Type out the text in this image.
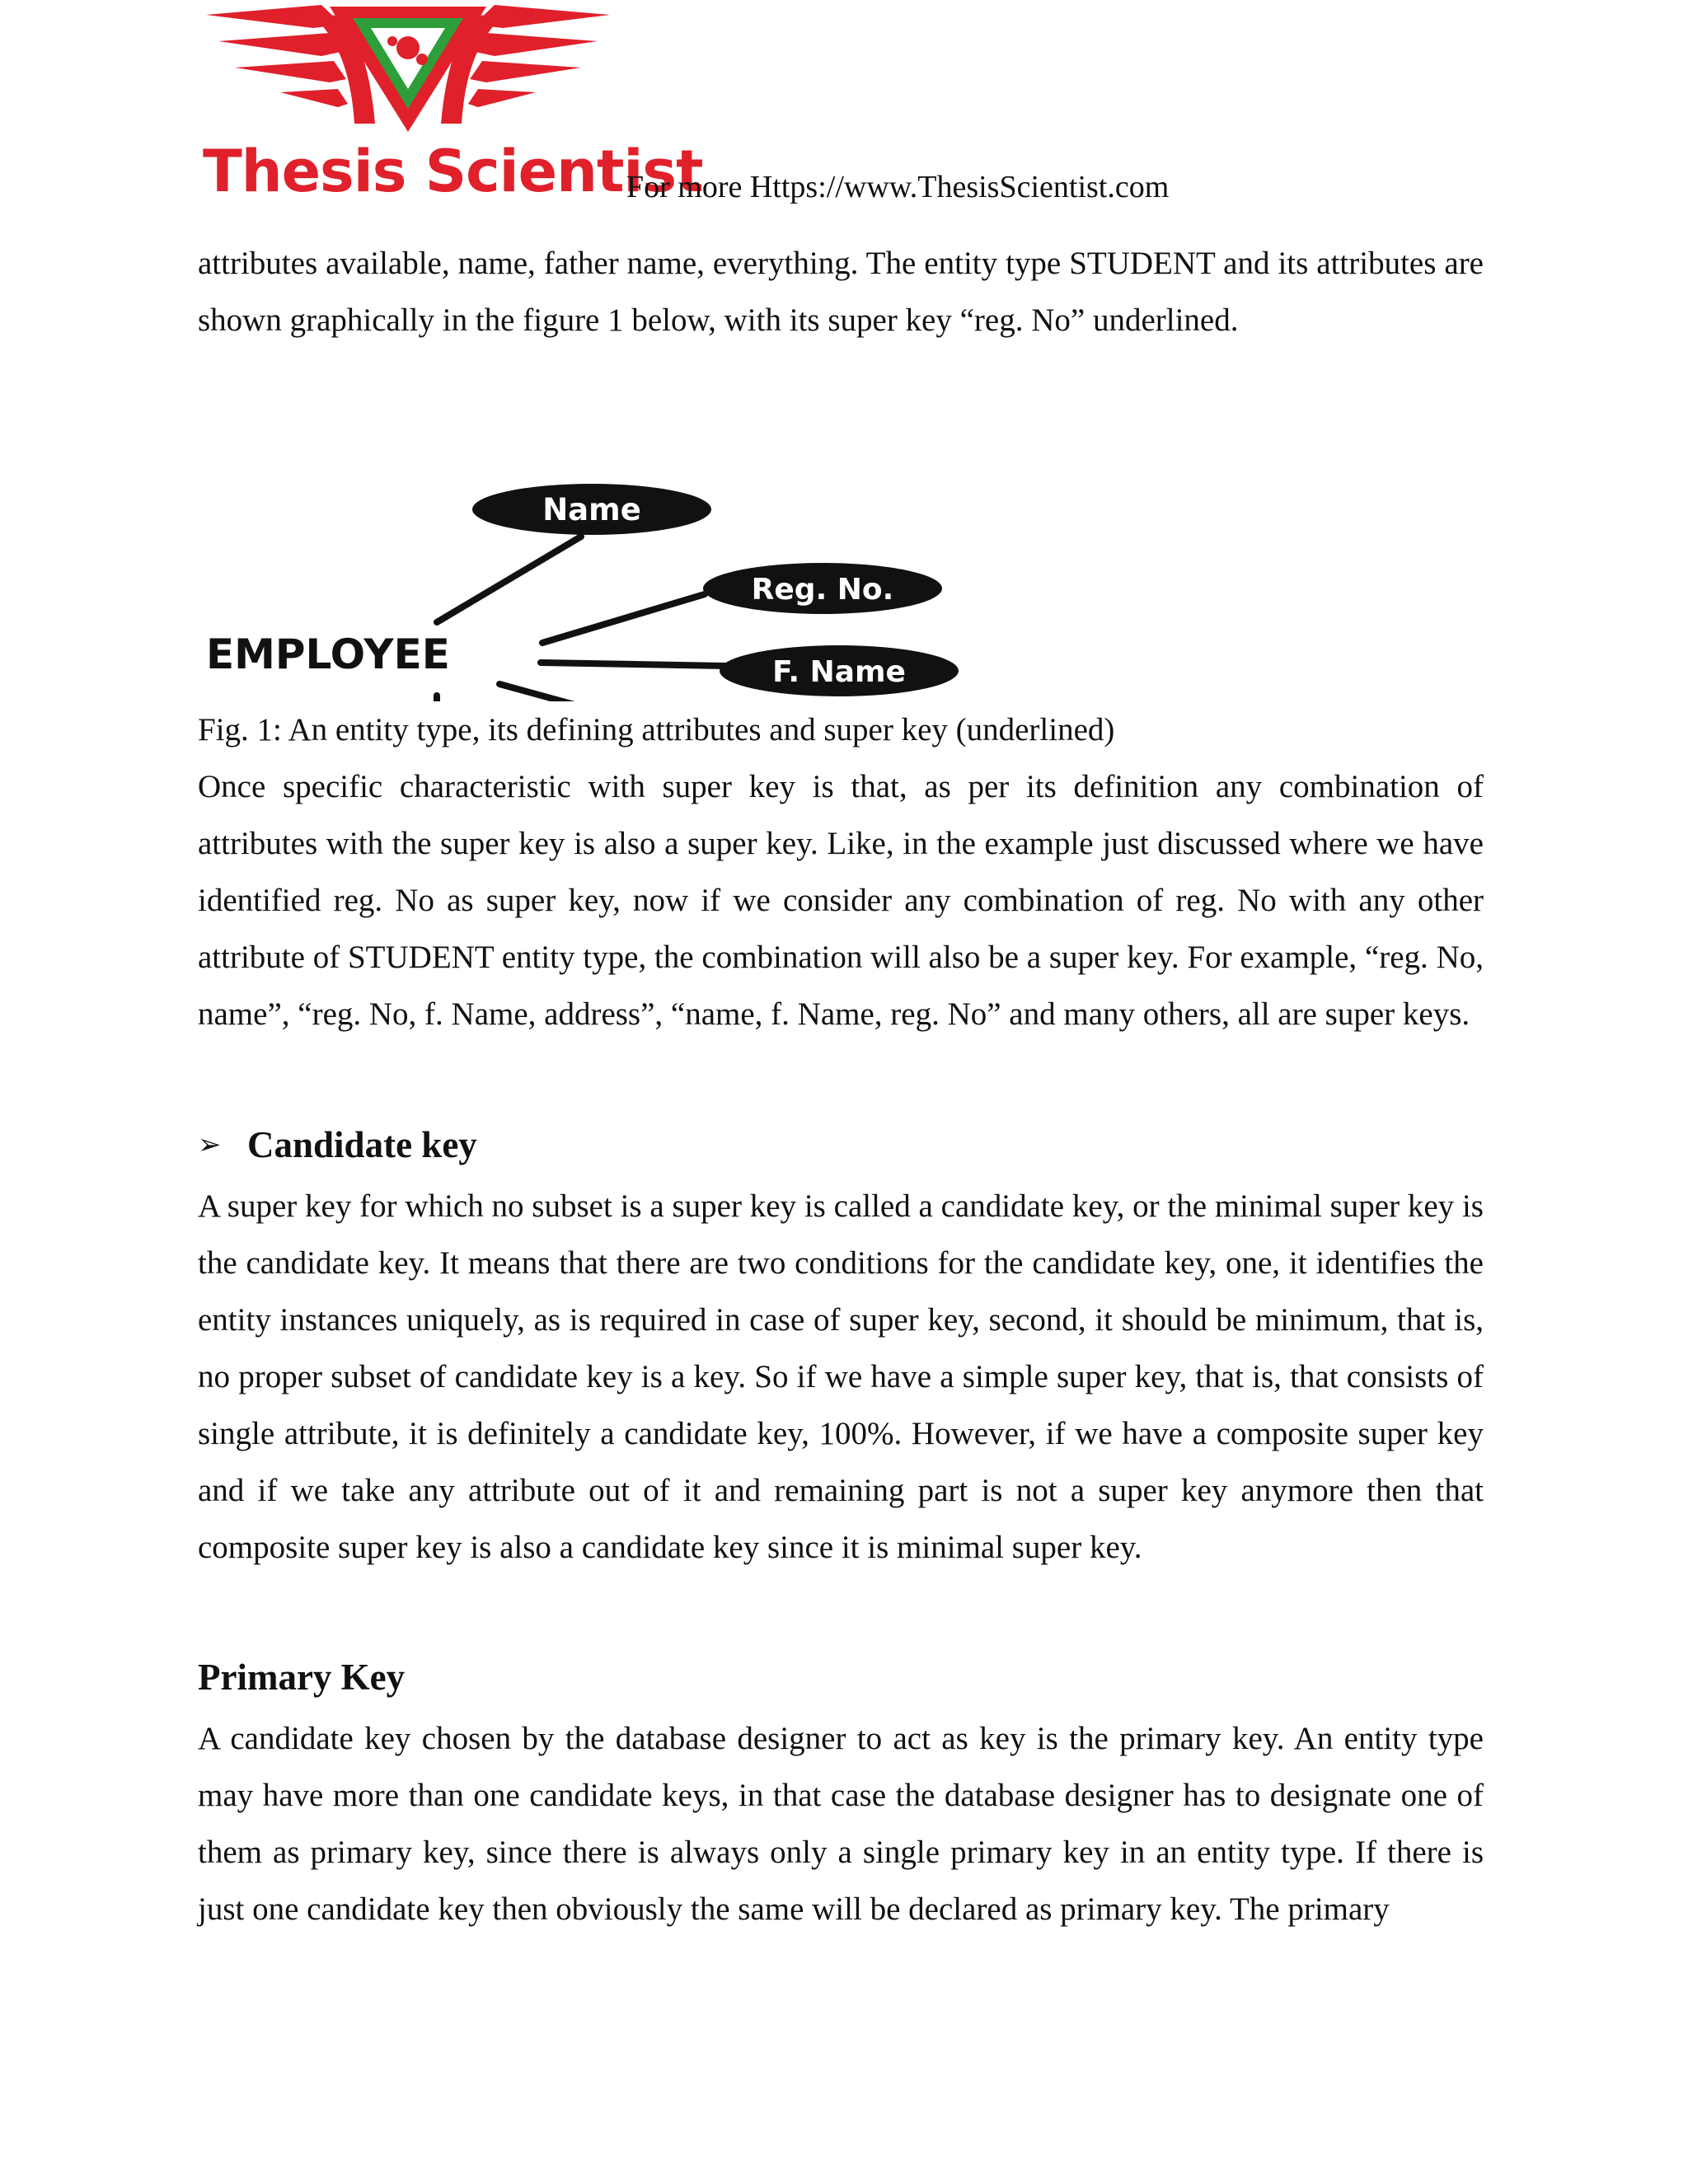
Thesis Scientist
For more Https://www.ThesisScientist.com

attributes available, name, father name, everything. The entity type STUDENT and its attributes are shown graphically in the figure 1 below, with its super key “reg. No” underlined.

Name
Reg. No.
F. Name
EMPLOYEE
Fig. 1: An entity type, its defining attributes and super key (underlined)

Once specific characteristic with super key is that, as per its definition any combination of attributes with the super key is also a super key. Like, in the example just discussed where we have identified reg. No as super key, now if we consider any combination of reg. No with any other attribute of STUDENT entity type, the combination will also be a super key. For example, “reg. No, name”, “reg. No, f. Name, address”, “name, f. Name, reg. No” and many others, all are super keys.

➢ Candidate key

A super key for which no subset is a super key is called a candidate key, or the minimal super key is the candidate key. It means that there are two conditions for the candidate key, one, it identifies the entity instances uniquely, as is required in case of super key, second, it should be minimum, that is, no proper subset of candidate key is a key. So if we have a simple super key, that is, that consists of single attribute, it is definitely a candidate key, 100%. However, if we have a composite super key and if we take any attribute out of it and remaining part is not a super key anymore then that composite super key is also a candidate key since it is minimal super key.

Primary Key

A candidate key chosen by the database designer to act as key is the primary key. An entity type may have more than one candidate keys, in that case the database designer has to designate one of them as primary key, since there is always only a single primary key in an entity type. If there is just one candidate key then obviously the same will be declared as primary key. The primary
